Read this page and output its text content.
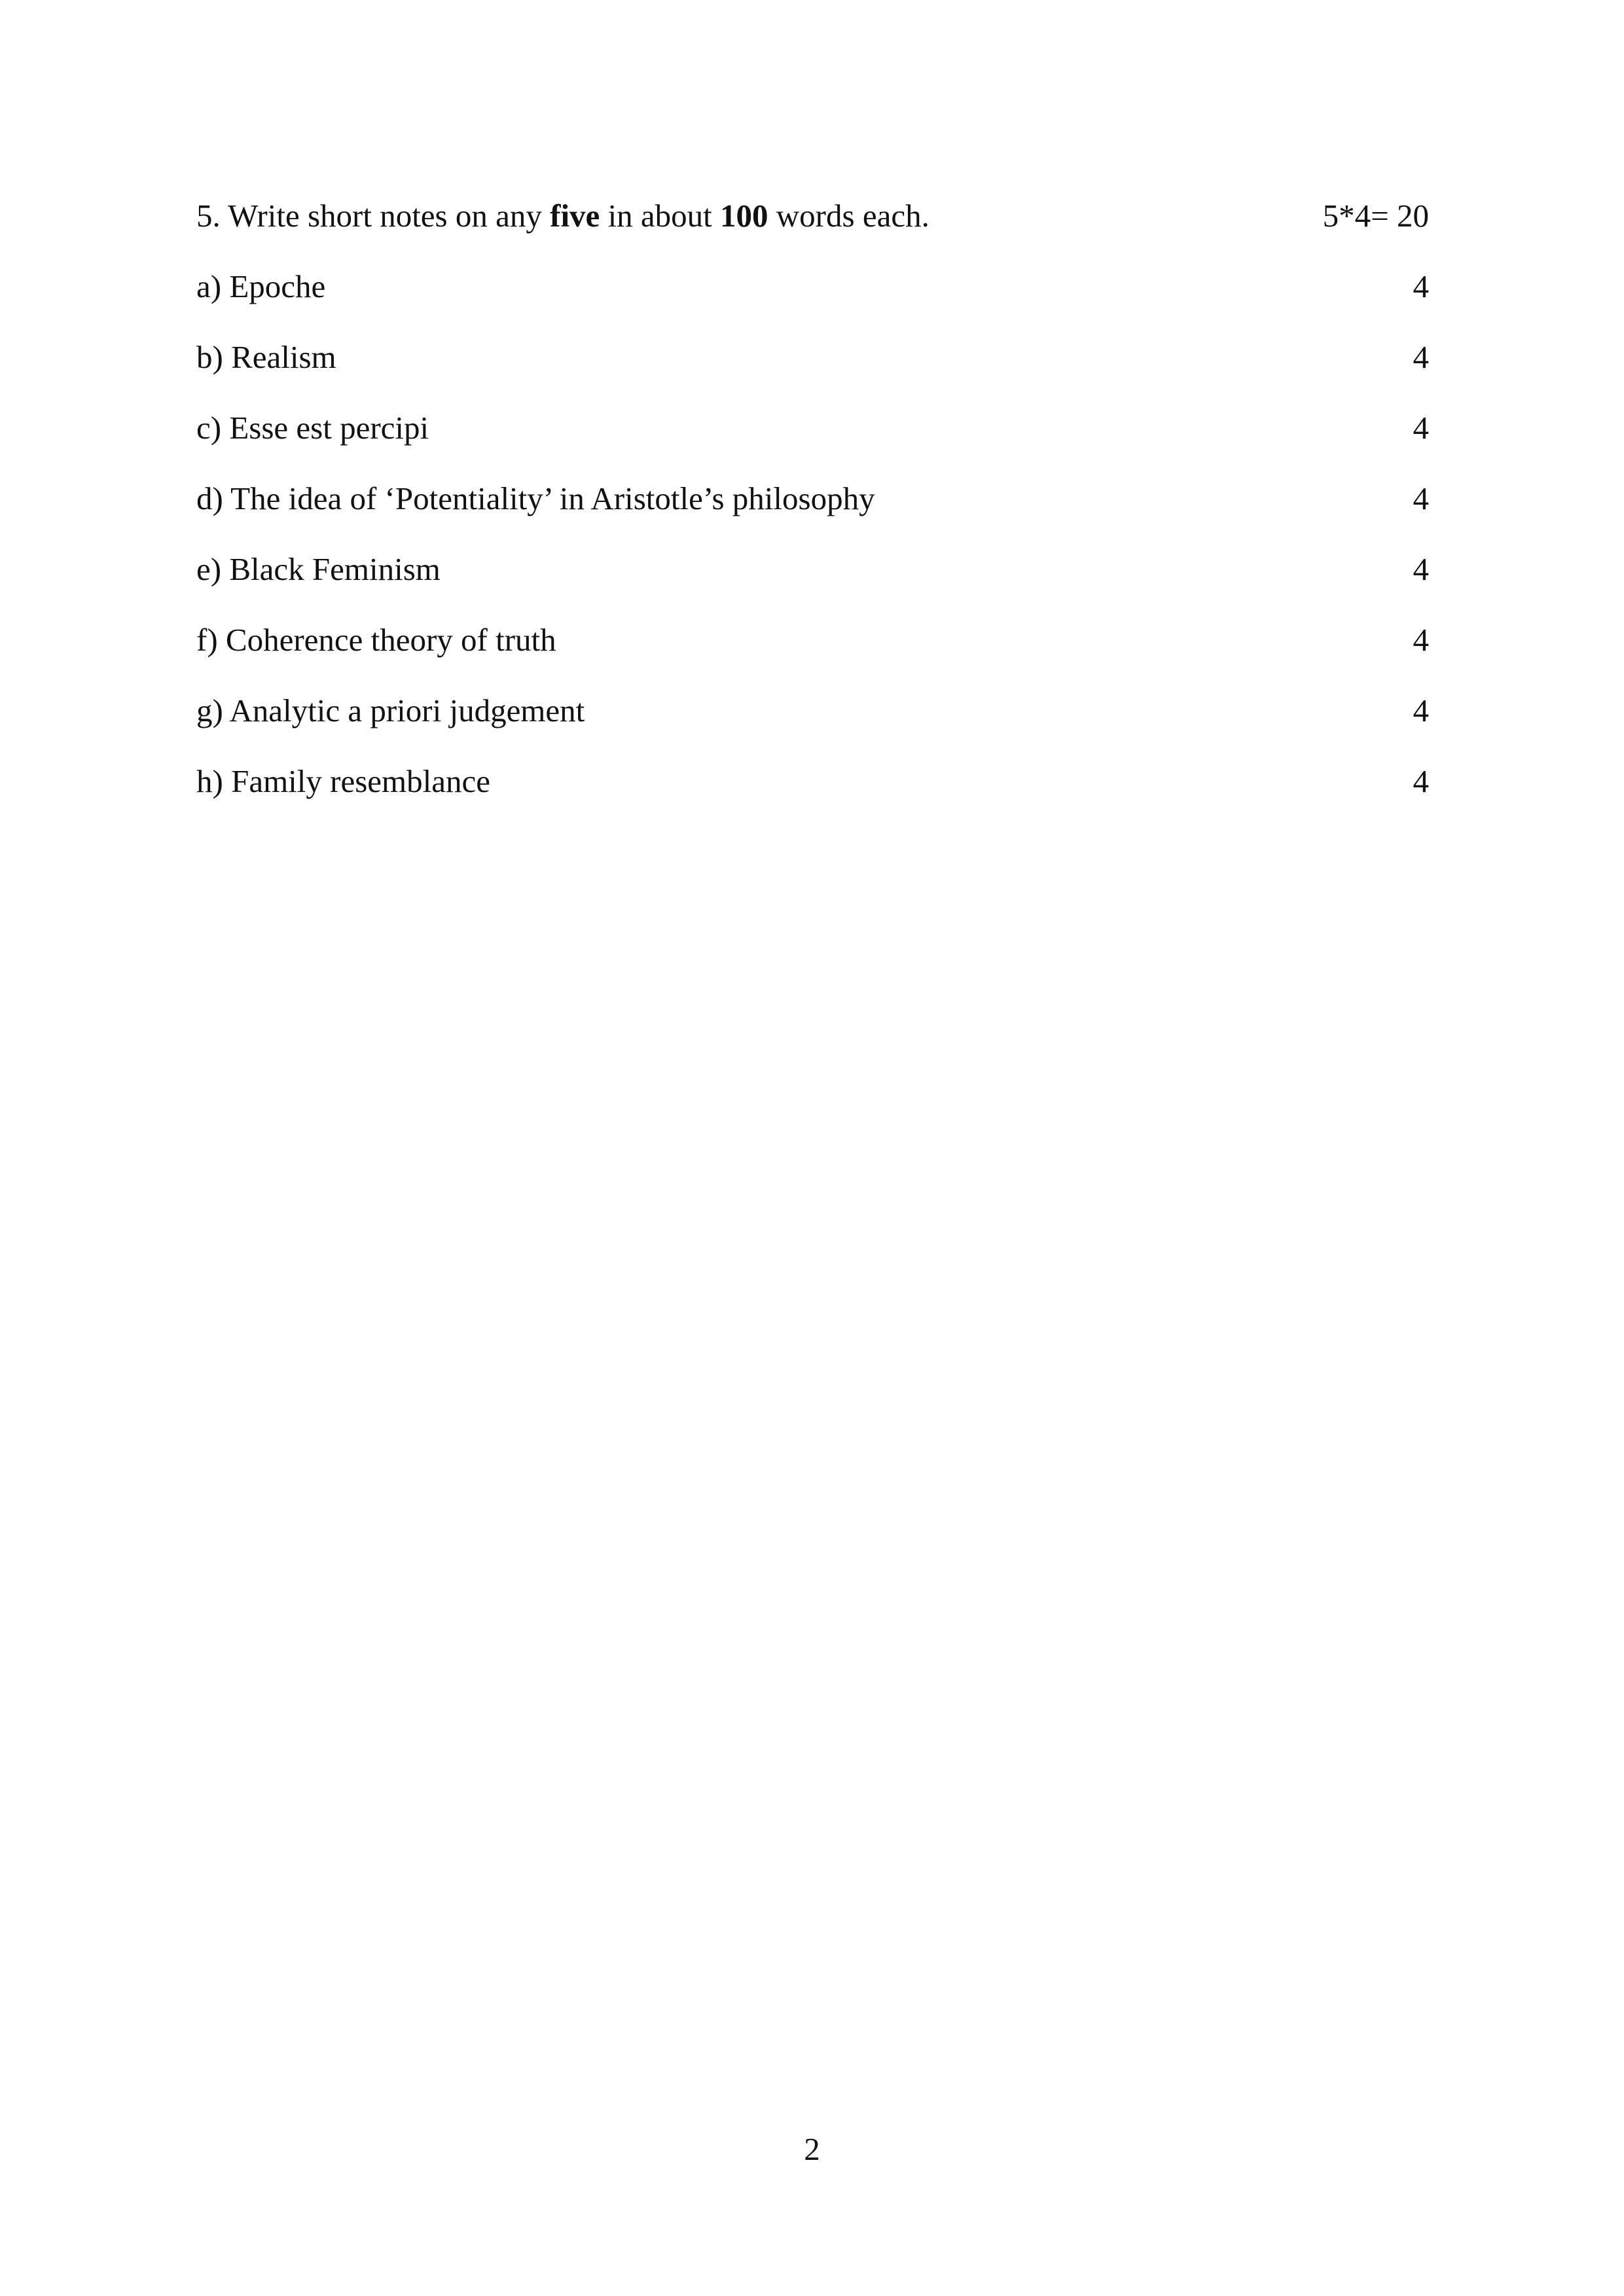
5. Write short notes on any five in about 100 words each.	5*4= 20
a) Epoche	4
b) Realism	4
c) Esse est percipi	4
d) The idea of ‘Potentiality’ in Aristotle’s philosophy	4
e) Black Feminism	4
f) Coherence theory of truth	4
g) Analytic a priori judgement	4
h) Family resemblance	4
2
